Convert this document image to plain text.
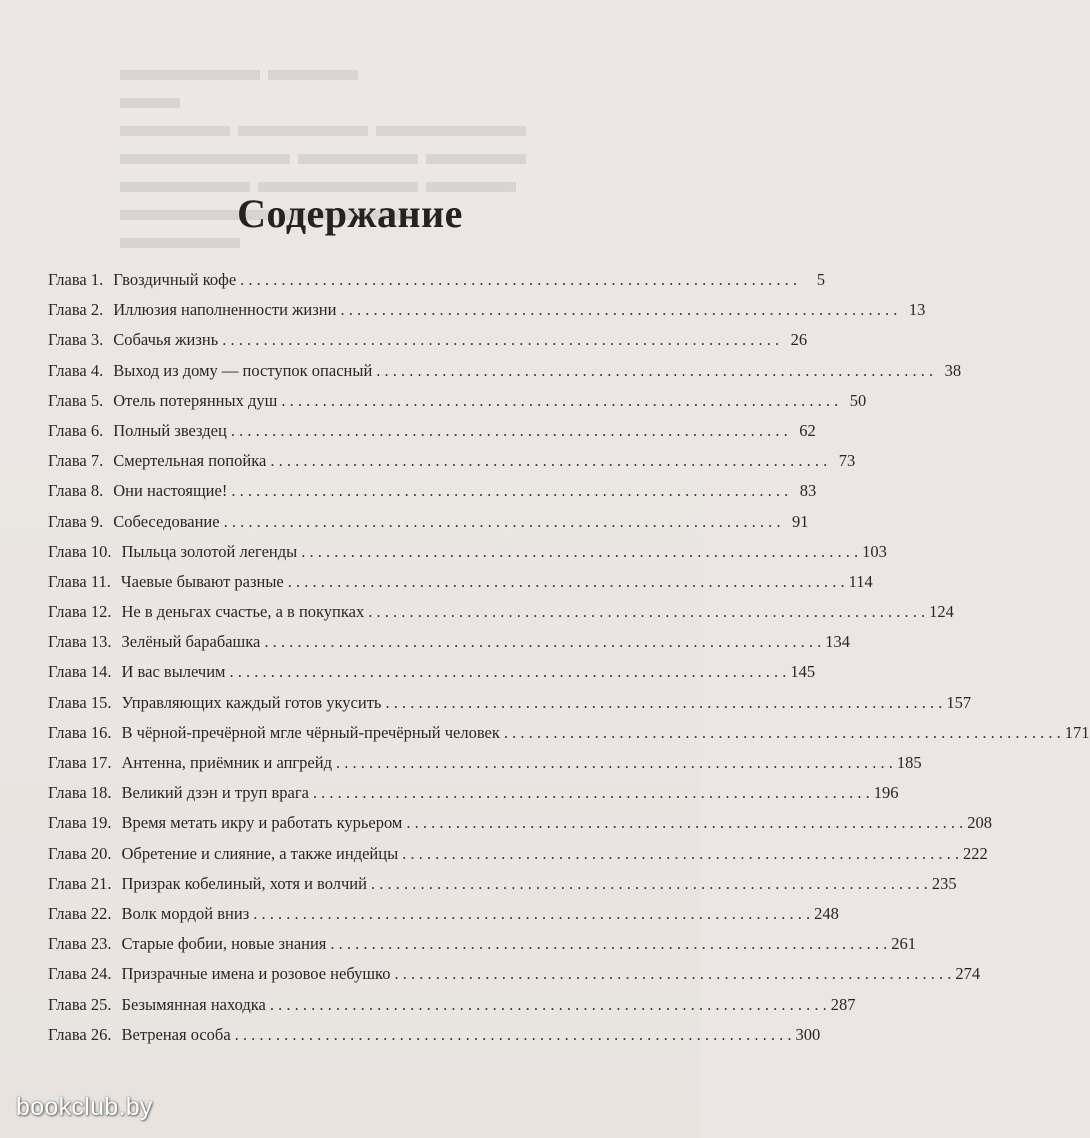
Содержание
Глава 1. Гвоздичный кофе . . .	5
Глава 2. Иллюзия наполненности жизни . . .	13
Глава 3. Собачья жизнь . . .	26
Глава 4. Выход из дому — поступок опасный . . .	38
Глава 5. Отель потерянных душ . . .	50
Глава 6. Полный звездец . . .	62
Глава 7. Смертельная попойка . . .	73
Глава 8. Они настоящие! . . .	83
Глава 9. Собеседование . . .	91
Глава 10. Пыльца золотой легенды . . .	103
Глава 11. Чаевые бывают разные . . .	114
Глава 12. Не в деньгах счастье, а в покупках . . .	124
Глава 13. Зелёный барабашка . . .	134
Глава 14. И вас вылечим . . .	145
Глава 15. Управляющих каждый готов укусить . . .	157
Глава 16. В чёрной-пречёрной мгле чёрный-пречёрный человек . . .	171
Глава 17. Антенна, приёмник и апгрейд . . .	185
Глава 18. Великий дзэн и труп врага . . .	196
Глава 19. Время метать икру и работать курьером . . .	208
Глава 20. Обретение и слияние, а также индейцы . . .	222
Глава 21. Призрак кобелиный, хотя и волчий . . .	235
Глава 22. Волк мордой вниз . . .	248
Глава 23. Старые фобии, новые знания . . .	261
Глава 24. Призрачные имена и розовое небушко . . .	274
Глава 25. Безымянная находка . . .	287
Глава 26. Ветреная особа . . .	300
bookclub.by
